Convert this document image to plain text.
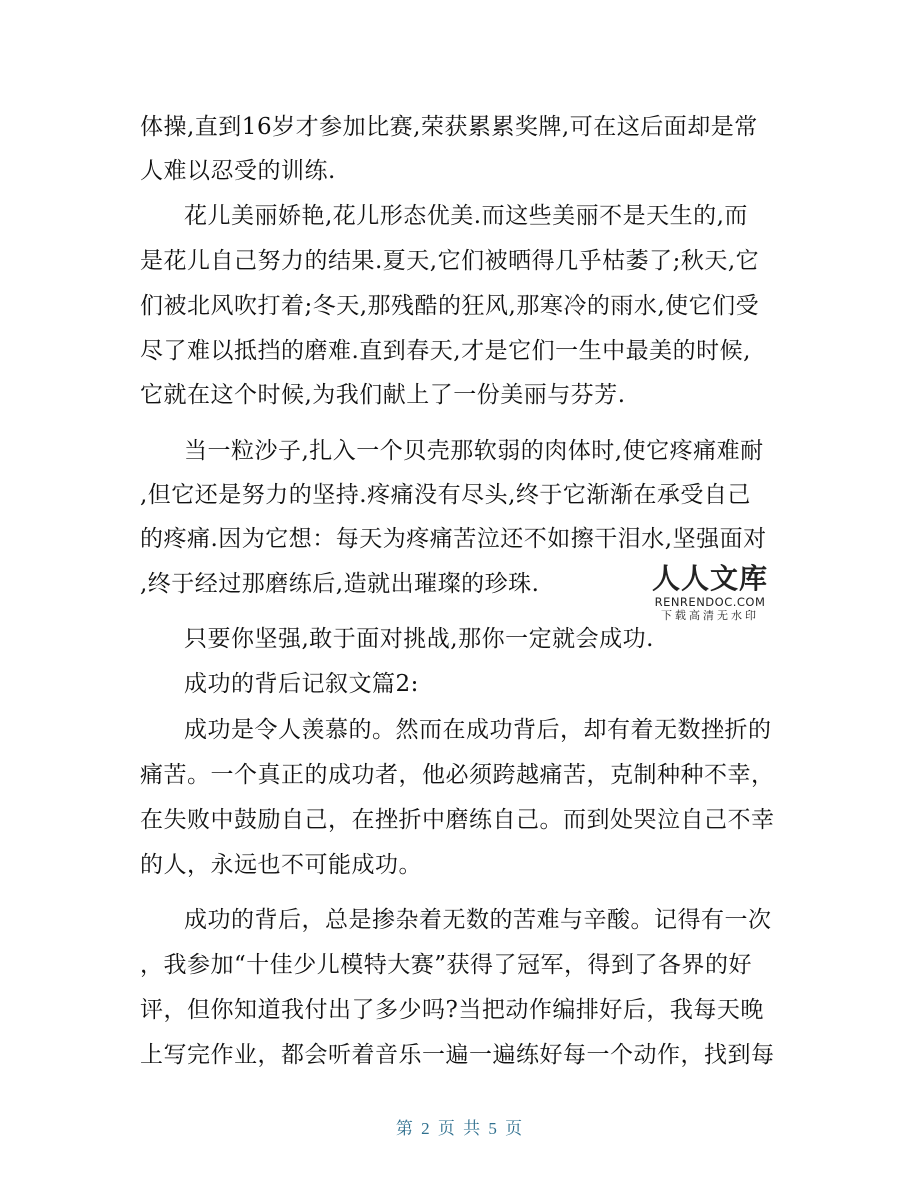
体操,直到16岁才参加比赛,荣获累累奖牌,可在这后面却是常
人难以忍受的训练.
花儿美丽娇艳,花儿形态优美.而这些美丽不是天生的,而
是花儿自己努力的结果.夏天,它们被晒得几乎枯萎了;秋天,它
们被北风吹打着;冬天,那残酷的狂风,那寒冷的雨水,使它们受
尽了难以抵挡的磨难.直到春天,才是它们一生中最美的时候,
它就在这个时候,为我们献上了一份美丽与芬芳.
当一粒沙子,扎入一个贝壳那软弱的肉体时,使它疼痛难耐
,但它还是努力的坚持.疼痛没有尽头,终于它渐渐在承受自己
的疼痛.因为它想：每天为疼痛苦泣还不如擦干泪水,坚强面对
,终于经过那磨练后,造就出璀璨的珍珠.
只要你坚强,敢于面对挑战,那你一定就会成功.
成功的背后记叙文篇2:
成功是令人羡慕的。然而在成功背后，却有着无数挫折的
痛苦。一个真正的成功者，他必须跨越痛苦，克制种种不幸，
在失败中鼓励自己，在挫折中磨练自己。而到处哭泣自己不幸
的人，永远也不可能成功。
成功的背后，总是掺杂着无数的苦难与辛酸。记得有一次
，我参加“十佳少儿模特大赛”获得了冠军，得到了各界的好
评，但你知道我付出了多少吗?当把动作编排好后，我每天晚
上写完作业，都会听着音乐一遍一遍练好每一个动作，找到每
人人文库
RENRENDOC.COM
下载高清无水印
第 2 页 共 5 页
